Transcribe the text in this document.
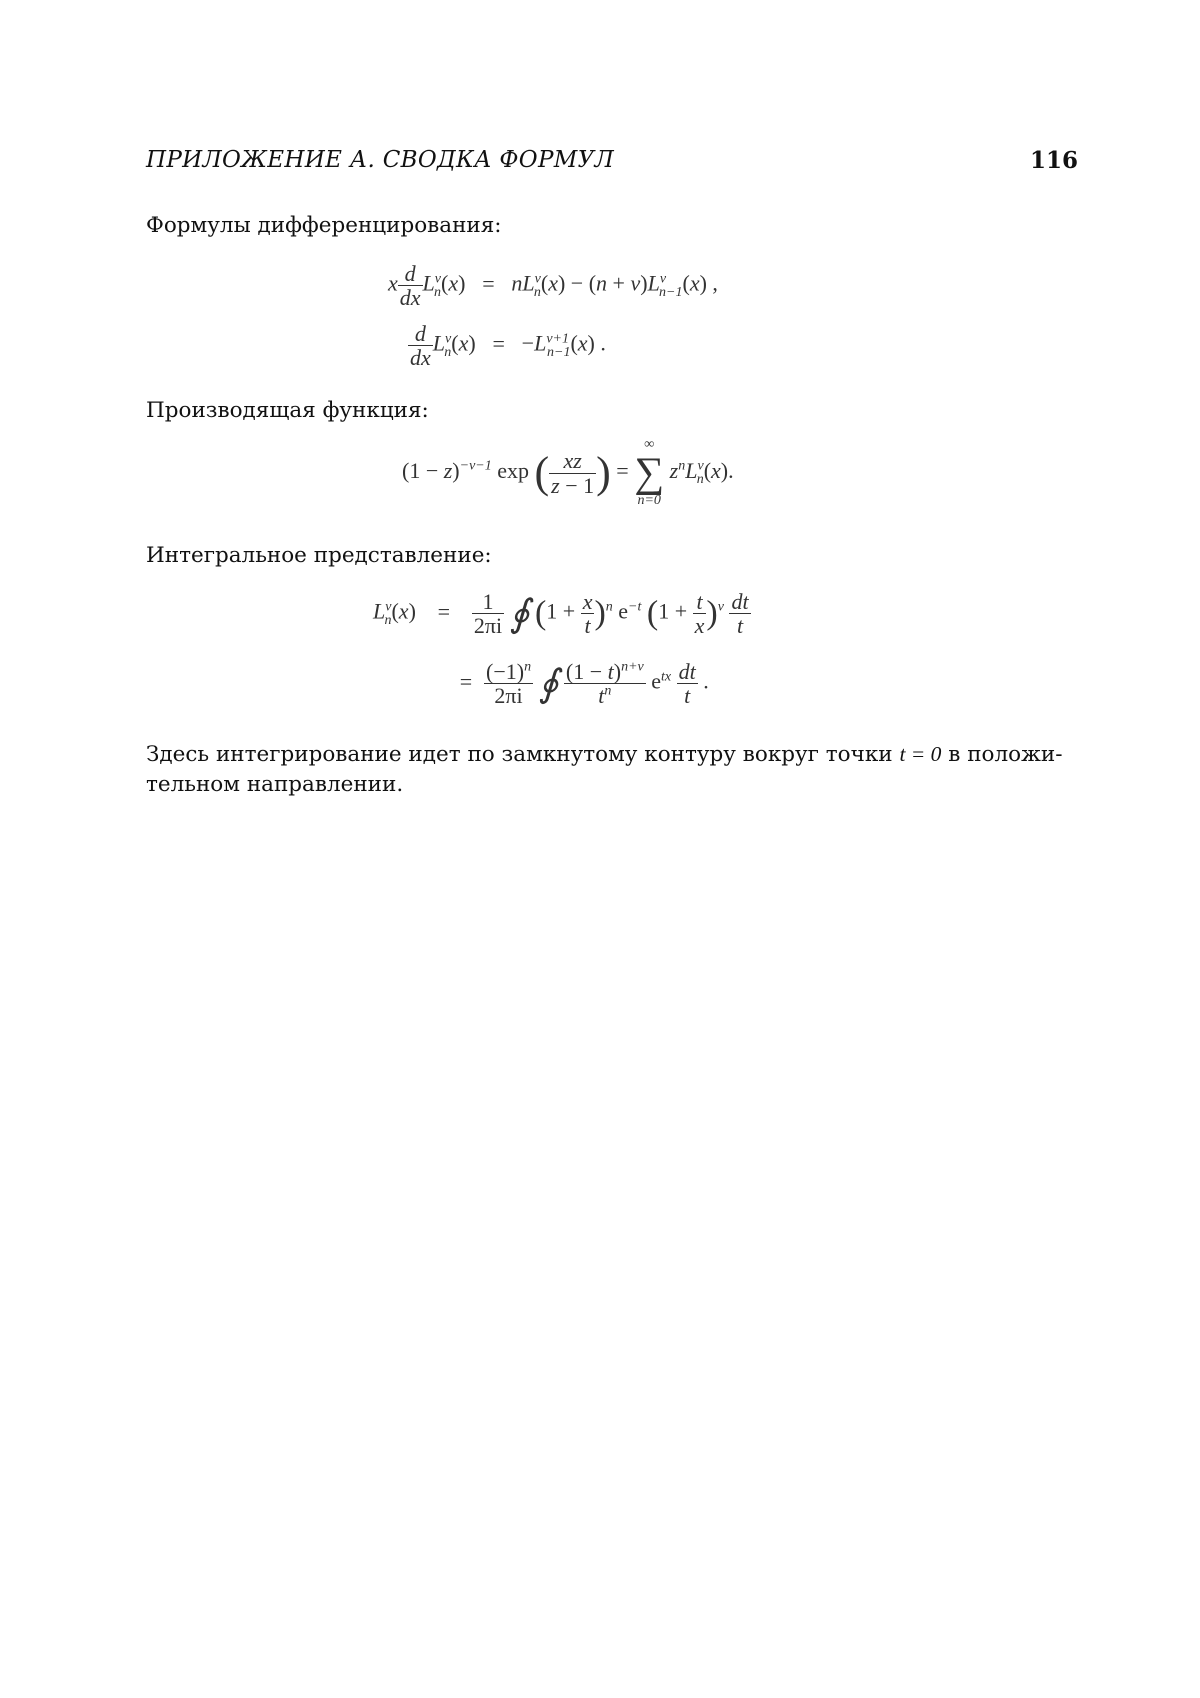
ПРИЛОЖЕНИЕ А. СВОДКА ФОРМУЛ	116
Формулы дифференцирования:
x $\frac{d}{dx} L^\nu_n(x) = nL^\nu_n(x) - (n + \nu)L^\nu_{n-1}(x)$ ,
$\frac{d}{dx} L^\nu_n(x) = -L^{\nu+1}_{n-1}(x)$ .
Производящая функция:
$(1 - z)^{-\nu-1}$ exp ( $\frac{xz}{z - 1}$ ) =
∞
∑
n=0
$z^nL^\nu_n(x)$.
Интегральное представление:
$L^\nu_n(x) = \frac{1}{2\pi i}$ ∮ $(1 + \frac{x}{t} )^n$ $e^{-t}$ $(1 + \frac{t}{x} )^\nu \frac{dt}{t}$
= $\frac{(-1)^n}{2\pi i}$ ∮ $\frac{(1 - t)^{n+\nu}}{t^n} e^{tx} \frac{dt}{t}$ .
Здесь интегрирование идет по замкнутому контуру вокруг точки t = 0 в положи-
тельном направлении.
